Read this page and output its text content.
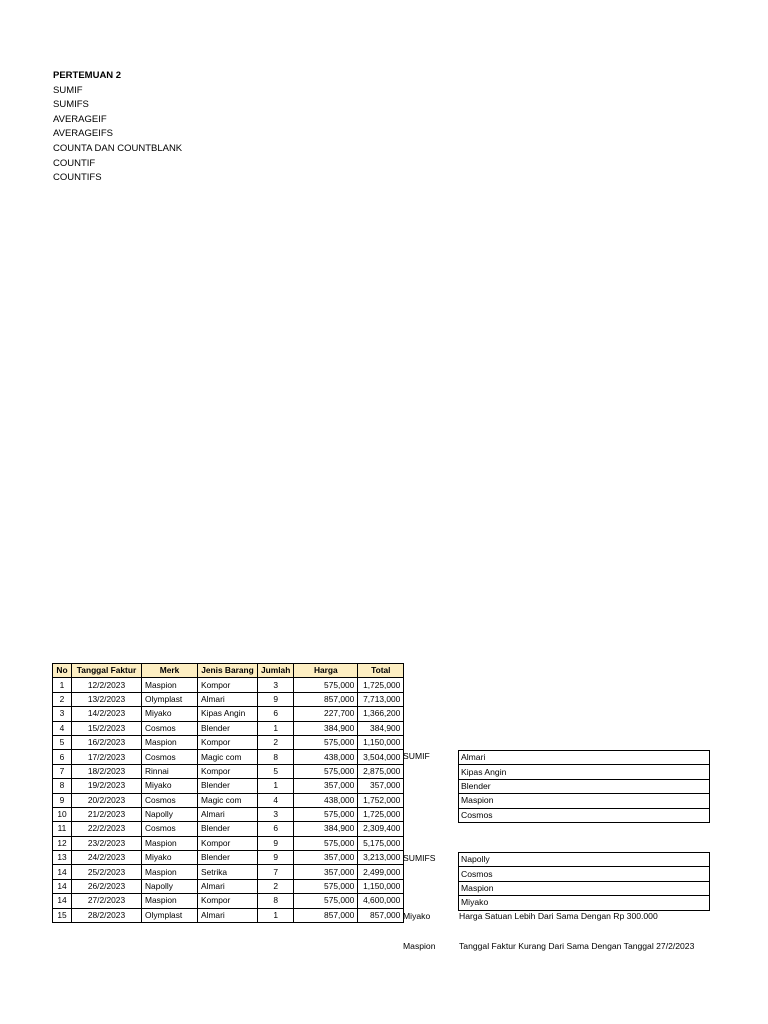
PERTEMUAN 2
SUMIF
SUMIFS
AVERAGEIF
AVERAGEIFS
COUNTA DAN COUNTBLANK
COUNTIF
COUNTIFS
No	Tanggal Faktur	Merk	Jenis Barang	Jumlah	Harga	Total
1	12/2/2023	Maspion	Kompor	3	575,000	1,725,000
2	13/2/2023	Olymplast	Almari	9	857,000	7,713,000
3	14/2/2023	Miyako	Kipas Angin	6	227,700	1,366,200
4	15/2/2023	Cosmos	Blender	1	384,900	384,900
5	16/2/2023	Maspion	Kompor	2	575,000	1,150,000
6	17/2/2023	Cosmos	Magic com	8	438,000	3,504,000
7	18/2/2023	Rinnai	Kompor	5	575,000	2,875,000
8	19/2/2023	Miyako	Blender	1	357,000	357,000
9	20/2/2023	Cosmos	Magic com	4	438,000	1,752,000
10	21/2/2023	Napolly	Almari	3	575,000	1,725,000
11	22/2/2023	Cosmos	Blender	6	384,900	2,309,400
12	23/2/2023	Maspion	Kompor	9	575,000	5,175,000
13	24/2/2023	Miyako	Blender	9	357,000	3,213,000
14	25/2/2023	Maspion	Setrika	7	357,000	2,499,000
14	26/2/2023	Napolly	Almari	2	575,000	1,150,000
14	27/2/2023	Maspion	Kompor	8	575,000	4,600,000
15	28/2/2023	Olymplast	Almari	1	857,000	857,000
SUMIF	Almari
Kipas Angin
Blender
Maspion
Cosmos
SUMIFS	Napolly
Cosmos
Maspion
Miyako
Miyako	Harga Satuan Lebih Dari Sama Dengan Rp 300.000
Maspion	Tanggal Faktur Kurang Dari Sama Dengan Tanggal 27/2/2023
